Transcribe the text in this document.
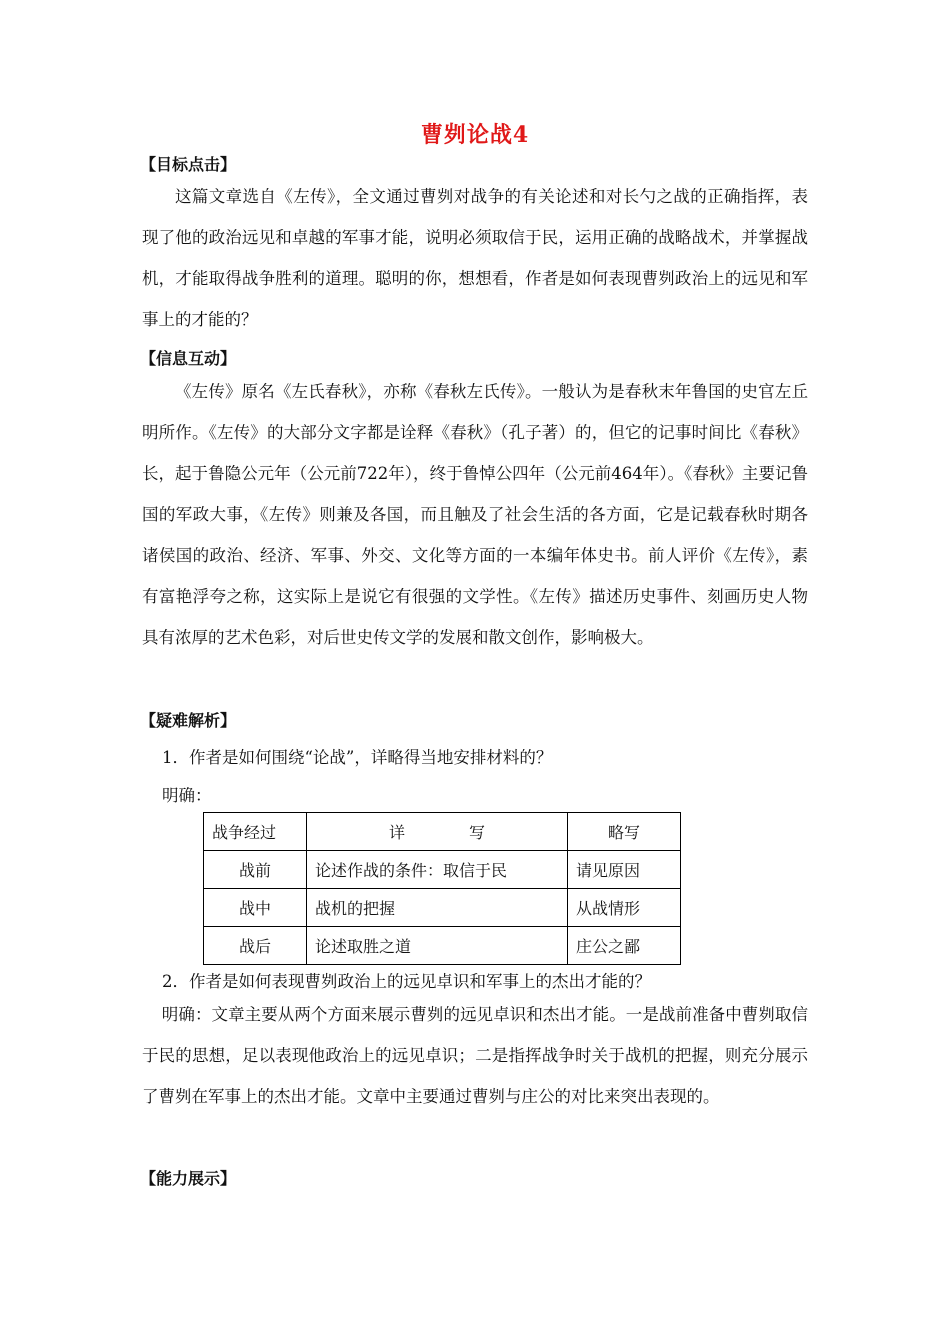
曹刿论战4
【目标点击】

这篇文章选自《左传》，全文通过曹刿对战争的有关论述和对长勺之战的正确指挥，表现了他的政治远见和卓越的军事才能，说明必须取信于民，运用正确的战略战术，并掌握战机，才能取得战争胜利的道理。聪明的你，想想看，作者是如何表现曹刿政治上的远见和军事上的才能的？

【信息互动】

《左传》原名《左氏春秋》，亦称《春秋左氏传》。一般认为是春秋末年鲁国的史官左丘明所作。《左传》的大部分文字都是诠释《春秋》（孔子著）的，但它的记事时间比《春秋》长，起于鲁隐公元年（公元前722年），终于鲁悼公四年（公元前464年）。《春秋》主要记鲁国的军政大事，《左传》则兼及各国，而且触及了社会生活的各方面，它是记载春秋时期各诸侯国的政治、经济、军事、外交、文化等方面的一本编年体史书。前人评价《左传》，素有富艳浮夸之称，这实际上是说它有很强的文学性。《左传》描述历史事件、刻画历史人物具有浓厚的艺术色彩，对后世史传文学的发展和散文创作，影响极大。

【疑难解析】
1．作者是如何围绕“论战”，详略得当地安排材料的？
明确：
战争经过	详　　　　写	略写
战前	论述作战的条件：取信于民	请见原因
战中	战机的把握	从战情形
战后	论述取胜之道	庄公之鄙
2．作者是如何表现曹刿政治上的远见卓识和军事上的杰出才能的？

明确：文章主要从两个方面来展示曹刿的远见卓识和杰出才能。一是战前准备中曹刿取信于民的思想，足以表现他政治上的远见卓识；二是指挥战争时关于战机的把握，则充分展示了曹刿在军事上的杰出才能。文章中主要通过曹刿与庄公的对比来突出表现的。

【能力展示】
